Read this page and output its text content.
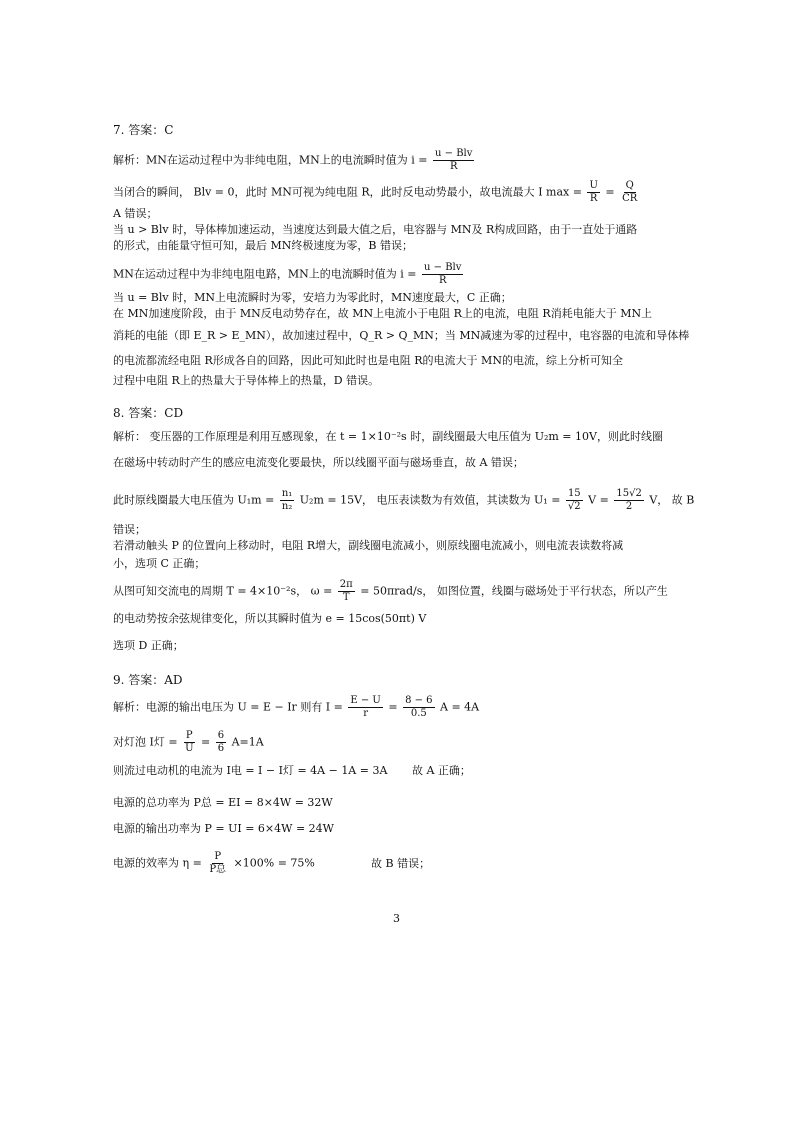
7. 答案：C
解析：MN在运动过程中为非纯电阻，MN上的电流瞬时值为 $i = \frac{\text{u − Blv}}{R}$
当闭合的瞬间， Blv = 0，此时 MN可视为纯电阻 R，此时反电动势最小，故电流最大 I $\max = \frac{U}{R} = \frac{Q}{CR}$
A 错误；
当 u > Blv 时，导体棒加速运动，当速度达到最大值之后，电容器与 MN及 R构成回路，由于一直处于通路
的形式，由能量守恒可知，最后 MN终极速度为零，B 错误；
MN在运动过程中为非纯电阻电路，MN上的电流瞬时值为 $i = \frac{\text{u − Blv}}{R}$
当 u = Blv 时，MN上电流瞬时为零，安培力为零此时，MN速度最大，C 正确；
在 MN加速度阶段，由于 MN反电动势存在，故 MN上电流小于电阻 R上的电流，电阻 R消耗电能大于 MN上
消耗的电能（即 E_R > E_MN），故加速过程中，Q_R > Q_MN；当 MN减速为零的过程中，电容器的电流和导体棒
的电流都流经电阻 R形成各自的回路，因此可知此时也是电阻 R的电流大于 MN的电流，综上分析可知全
过程中电阻 R上的热量大于导体棒上的热量，D 错误。
8. 答案：CD
解析： 变压器的工作原理是利用互感现象，在 t = 1×10⁻²s 时，副线圈最大电压值为 U₂m = 10V，则此时线圈
在磁场中转动时产生的感应电流变化要最快，所以线圈平面与磁场垂直，故 A 错误；
此时原线圈最大电压值为 $U_1m = \frac{\text{n₁}}{\text{n₂}} U_2m = 15V$， 电压表读数为有效值，其读数为 $U_1 = \frac{15}{√2}$ $V = \frac{15√2}{2}$ V， 故 B
错误；
若滑动触头 P 的位置向上移动时，电阻 R增大，副线圈电流减小，则原线圈电流减小，则电流表读数将减
小，选项 C 正确；
从图可知交流电的周期 T = 4×10⁻²s， $\omega = \frac{2\pi}{T} = 50\pi rad/s$， 如图位置，线圈与磁场处于平行状态，所以产生
的电动势按余弦规律变化，所以其瞬时值为 e = 15cos(50πt) V
选项 D 正确；
9. 答案：AD
解析：电源的输出电压为 U = E − Ir 则有 $I = \frac{E - U}{r} = \frac{8 - 6}{0.5}$ A = 4A
对灯泡 I灯 = $\frac{P}{U} = \frac{6}{6} A=1A$
则流过电动机的电流为 I电 = I − I灯 = 4A − 1A = 3A 故 A 正确；
电源的总功率为 P总 = EI = 8×4W = 32W
电源的输出功率为 P = UI = 6×4W = 24W
电源的效率为 $\eta = \frac{P}{\text{P总}} \times 100\% = 75\%$	故 B 错误；
3
